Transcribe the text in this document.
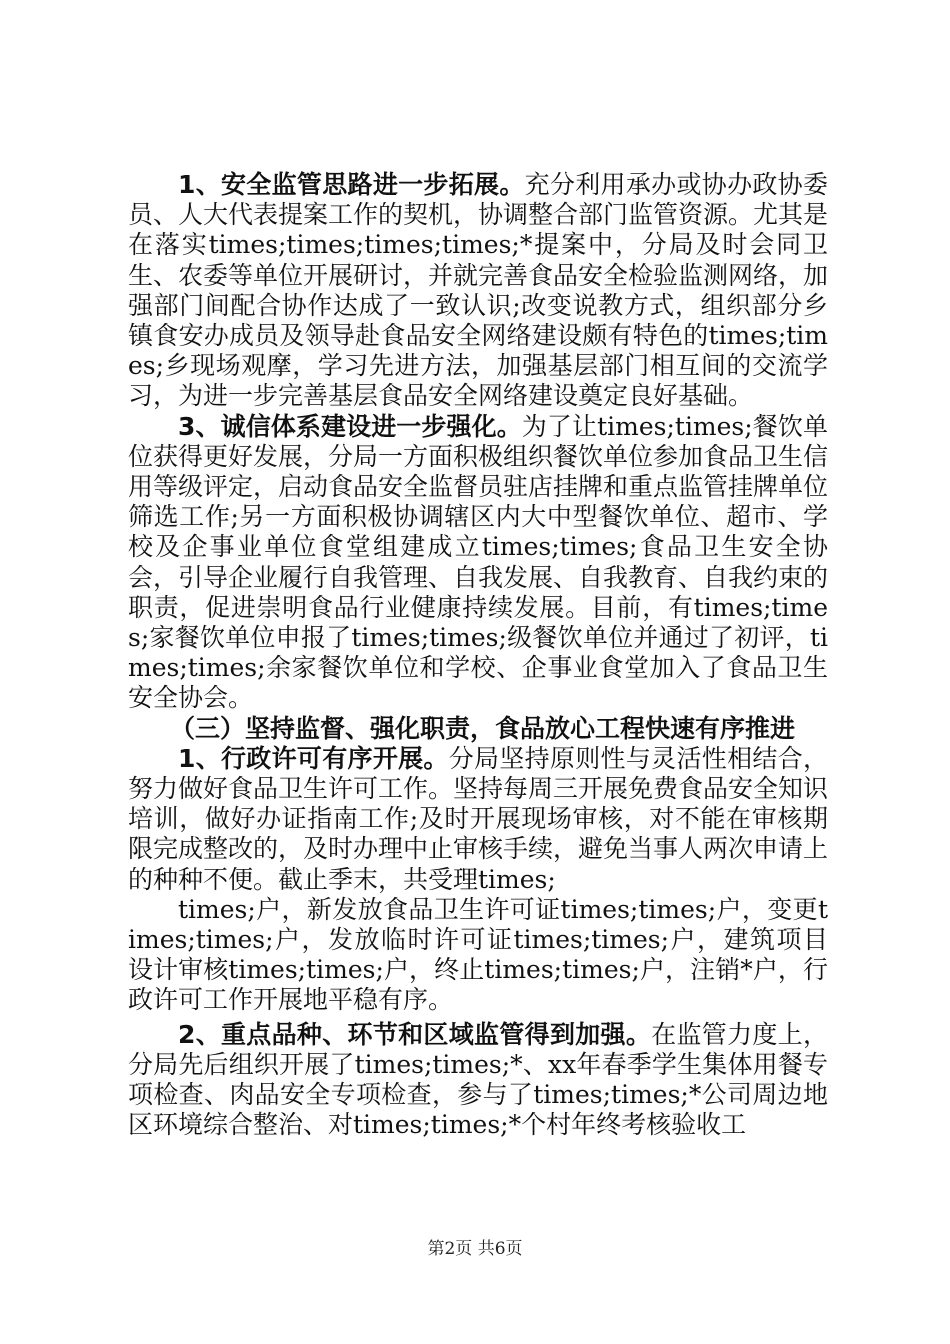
1、安全监管思路进一步拓展。充分利用承办或协办政协委员、人大代表提案工作的契机，协调整合部门监管资源。尤其是在落实times;times;times;times;*提案中，分局及时会同卫生、农委等单位开展研讨，并就完善食品安全检验监测网络，加强部门间配合协作达成了一致认识;改变说教方式，组织部分乡镇食安办成员及领导赴食品安全网络建设颇有特色的times;times;乡现场观摩，学习先进方法，加强基层部门相互间的交流学习，为进一步完善基层食品安全网络建设奠定良好基础。

3、诚信体系建设进一步强化。为了让times;times;餐饮单位获得更好发展，分局一方面积极组织餐饮单位参加食品卫生信用等级评定，启动食品安全监督员驻店挂牌和重点监管挂牌单位筛选工作;另一方面积极协调辖区内大中型餐饮单位、超市、学校及企事业单位食堂组建成立times;times;食品卫生安全协会，引导企业履行自我管理、自我发展、自我教育、自我约束的职责，促进崇明食品行业健康持续发展。目前，有times;times;家餐饮单位申报了times;times;级餐饮单位并通过了初评，times;times;余家餐饮单位和学校、企事业食堂加入了食品卫生安全协会。

（三）坚持监督、强化职责，食品放心工程快速有序推进

1、行政许可有序开展。分局坚持原则性与灵活性相结合，努力做好食品卫生许可工作。坚持每周三开展免费食品安全知识培训，做好办证指南工作;及时开展现场审核，对不能在审核期限完成整改的，及时办理中止审核手续，避免当事人两次申请上的种种不便。截止季末，共受理times;

times;户，新发放食品卫生许可证times;times;户，变更times;times;户，发放临时许可证times;times;户，建筑项目设计审核times;times;户，终止times;times;户，注销*户，行政许可工作开展地平稳有序。

2、重点品种、环节和区域监管得到加强。在监管力度上，分局先后组织开展了times;times;*、xx年春季学生集体用餐专项检查、肉品安全专项检查，参与了times;times;*公司周边地区环境综合整治、对times;times;*个村年终考核验收工

第2页 共6页
